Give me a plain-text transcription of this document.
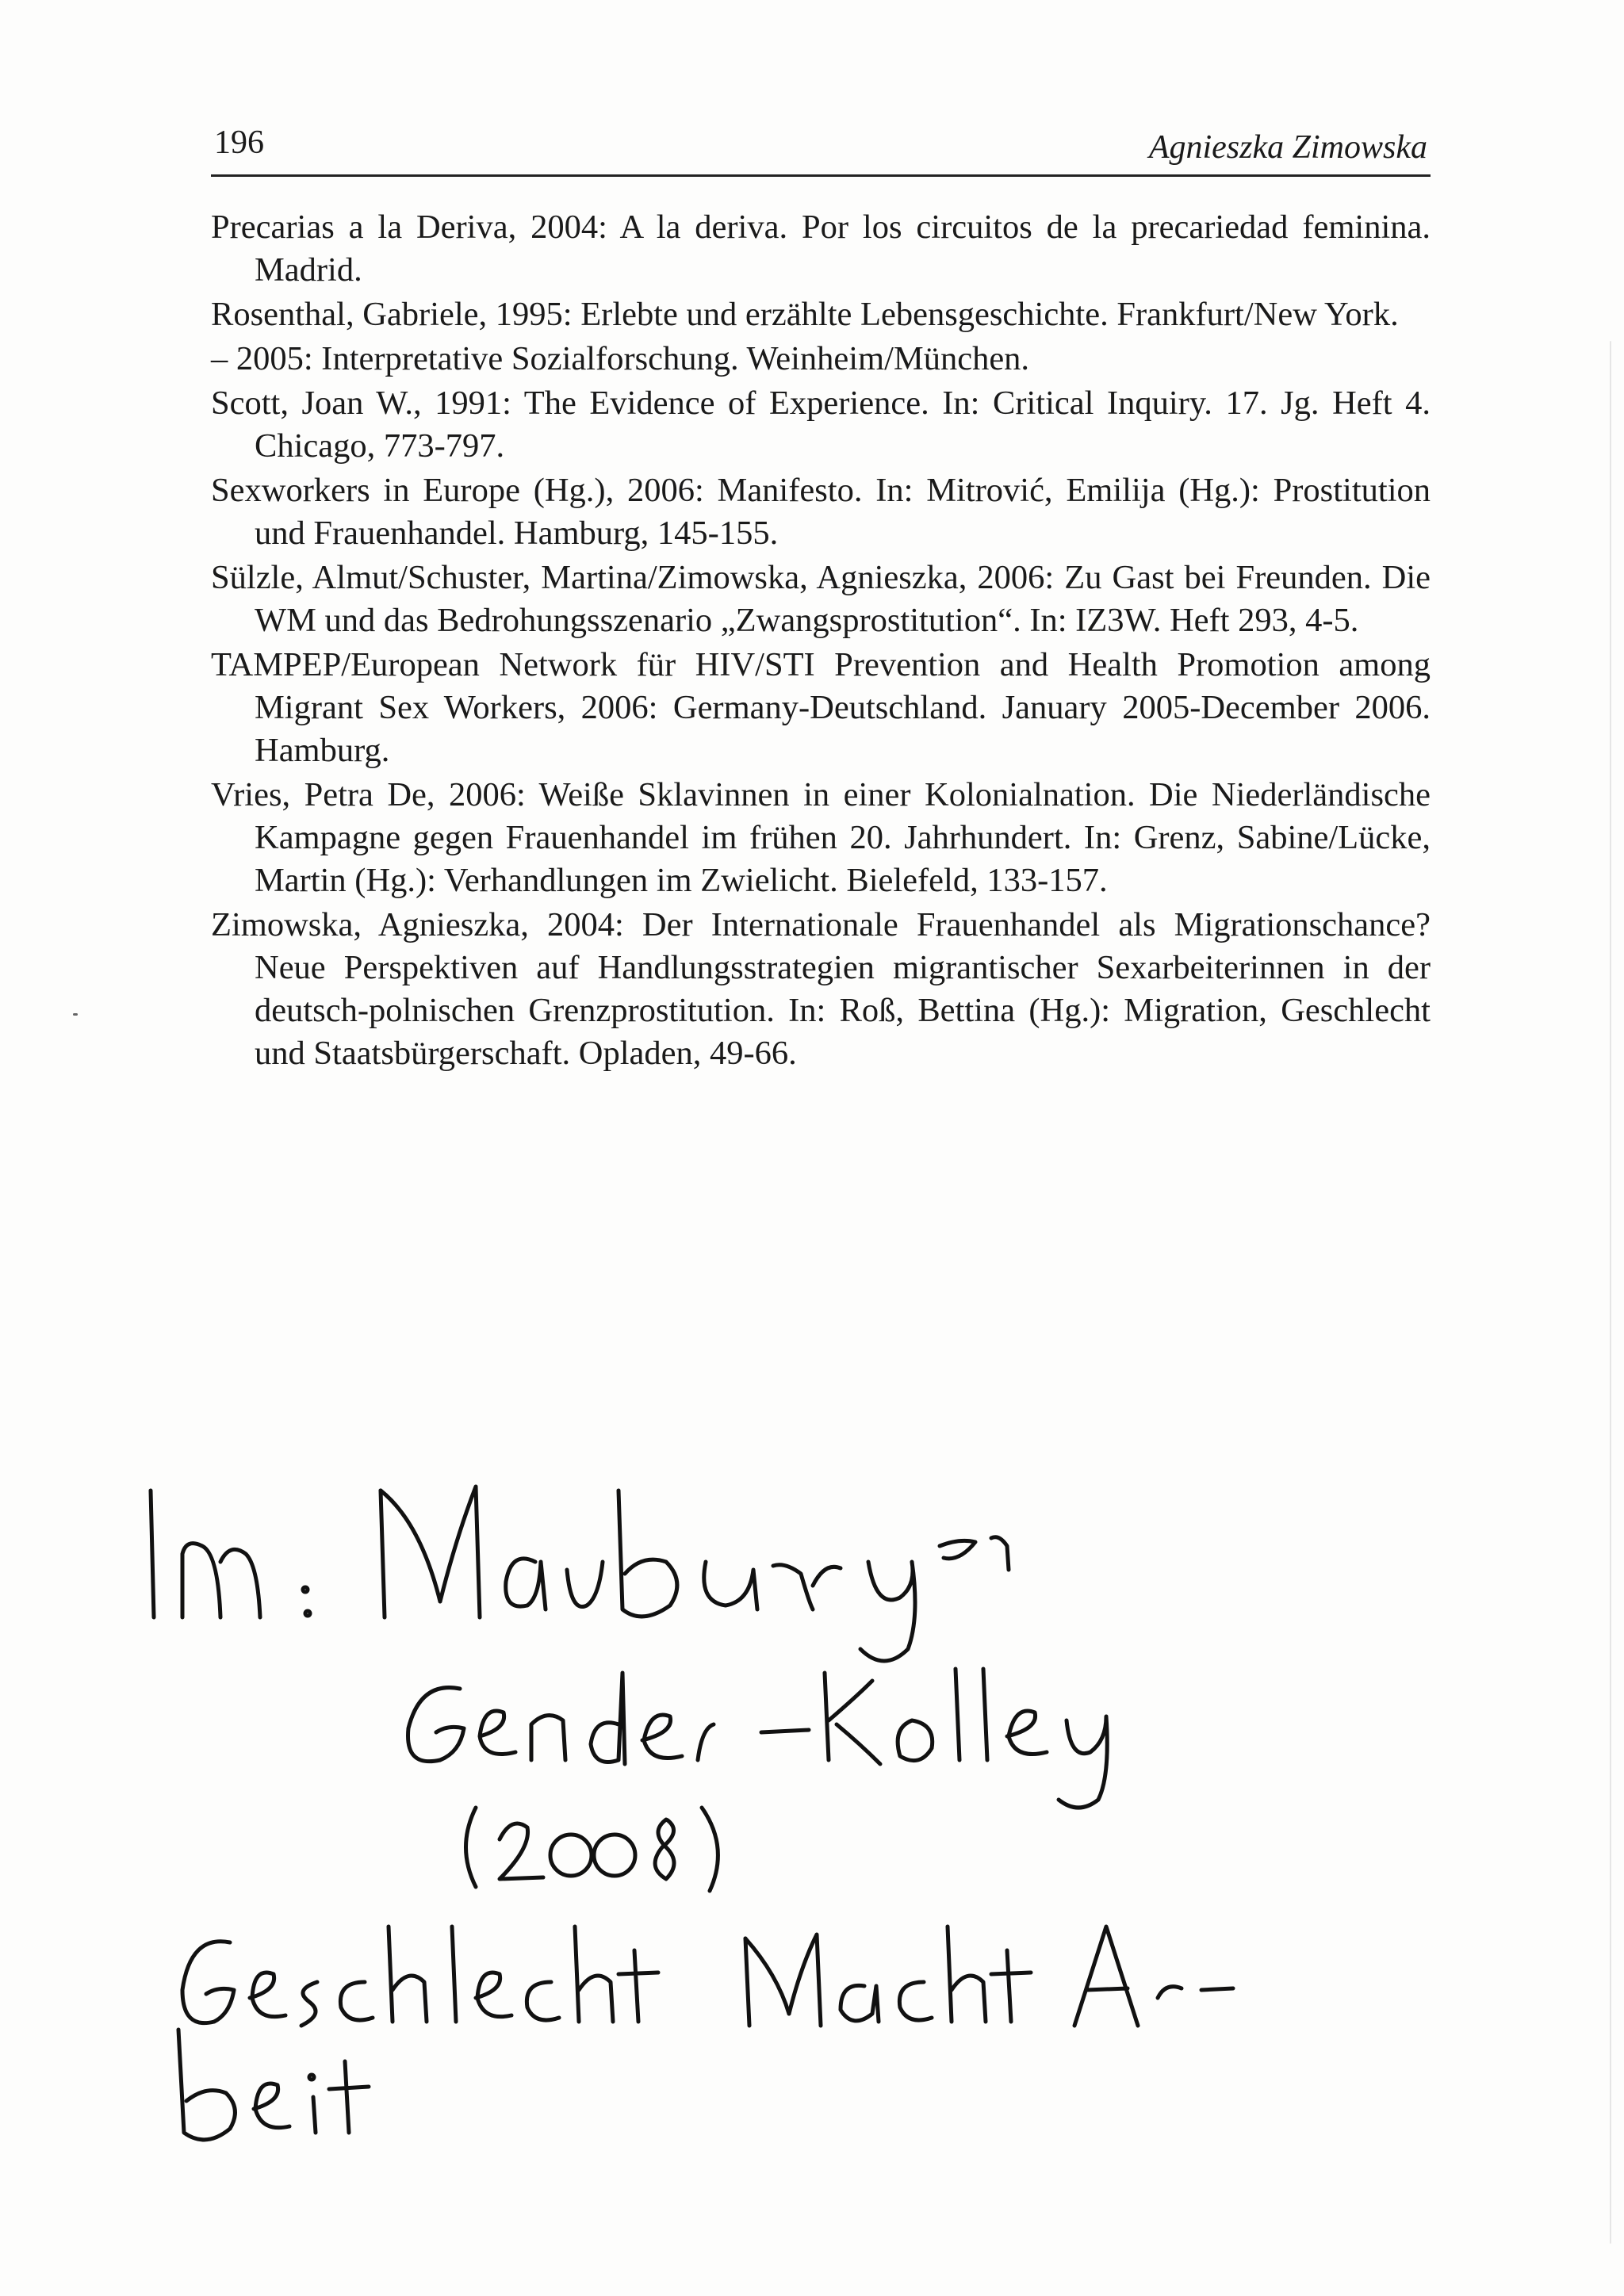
196	Agnieszka Zimowska
Precarias a la Deriva, 2004: A la deriva. Por los circuitos de la precariedad feminina. Madrid.
Rosenthal, Gabriele, 1995: Erlebte und erzählte Lebensgeschichte. Frankfurt/New York.
– 2005: Interpretative Sozialforschung. Weinheim/München.
Scott, Joan W., 1991: The Evidence of Experience. In: Critical Inquiry. 17. Jg. Heft 4. Chicago, 773-797.
Sexworkers in Europe (Hg.), 2006: Manifesto. In: Mitrović, Emilija (Hg.): Prostitution und Frauenhandel. Hamburg, 145-155.
Sülzle, Almut/Schuster, Martina/Zimowska, Agnieszka, 2006: Zu Gast bei Freunden. Die WM und das Bedrohungsszenario „Zwangsprostitution“. In: IZ3W. Heft 293, 4-5.
TAMPEP/European Network für HIV/STI Prevention and Health Promotion among Migrant Sex Workers, 2006: Germany-Deutschland. January 2005-December 2006. Hamburg.
Vries, Petra De, 2006: Weiße Sklavinnen in einer Kolonialnation. Die Niederländische Kampagne gegen Frauenhandel im frühen 20. Jahrhundert. In: Grenz, Sabine/Lücke, Martin (Hg.): Verhandlungen im Zwielicht. Bielefeld, 133-157.
Zimowska, Agnieszka, 2004: Der Internationale Frauenhandel als Migrationschance? Neue Perspektiven auf Handlungsstrategien migrantischer Sexarbeiterinnen in der deutsch-polnischen Grenzprostitution. In: Roß, Bettina (Hg.): Migration, Geschlecht und Staatsbürgerschaft. Opladen, 49-66.
